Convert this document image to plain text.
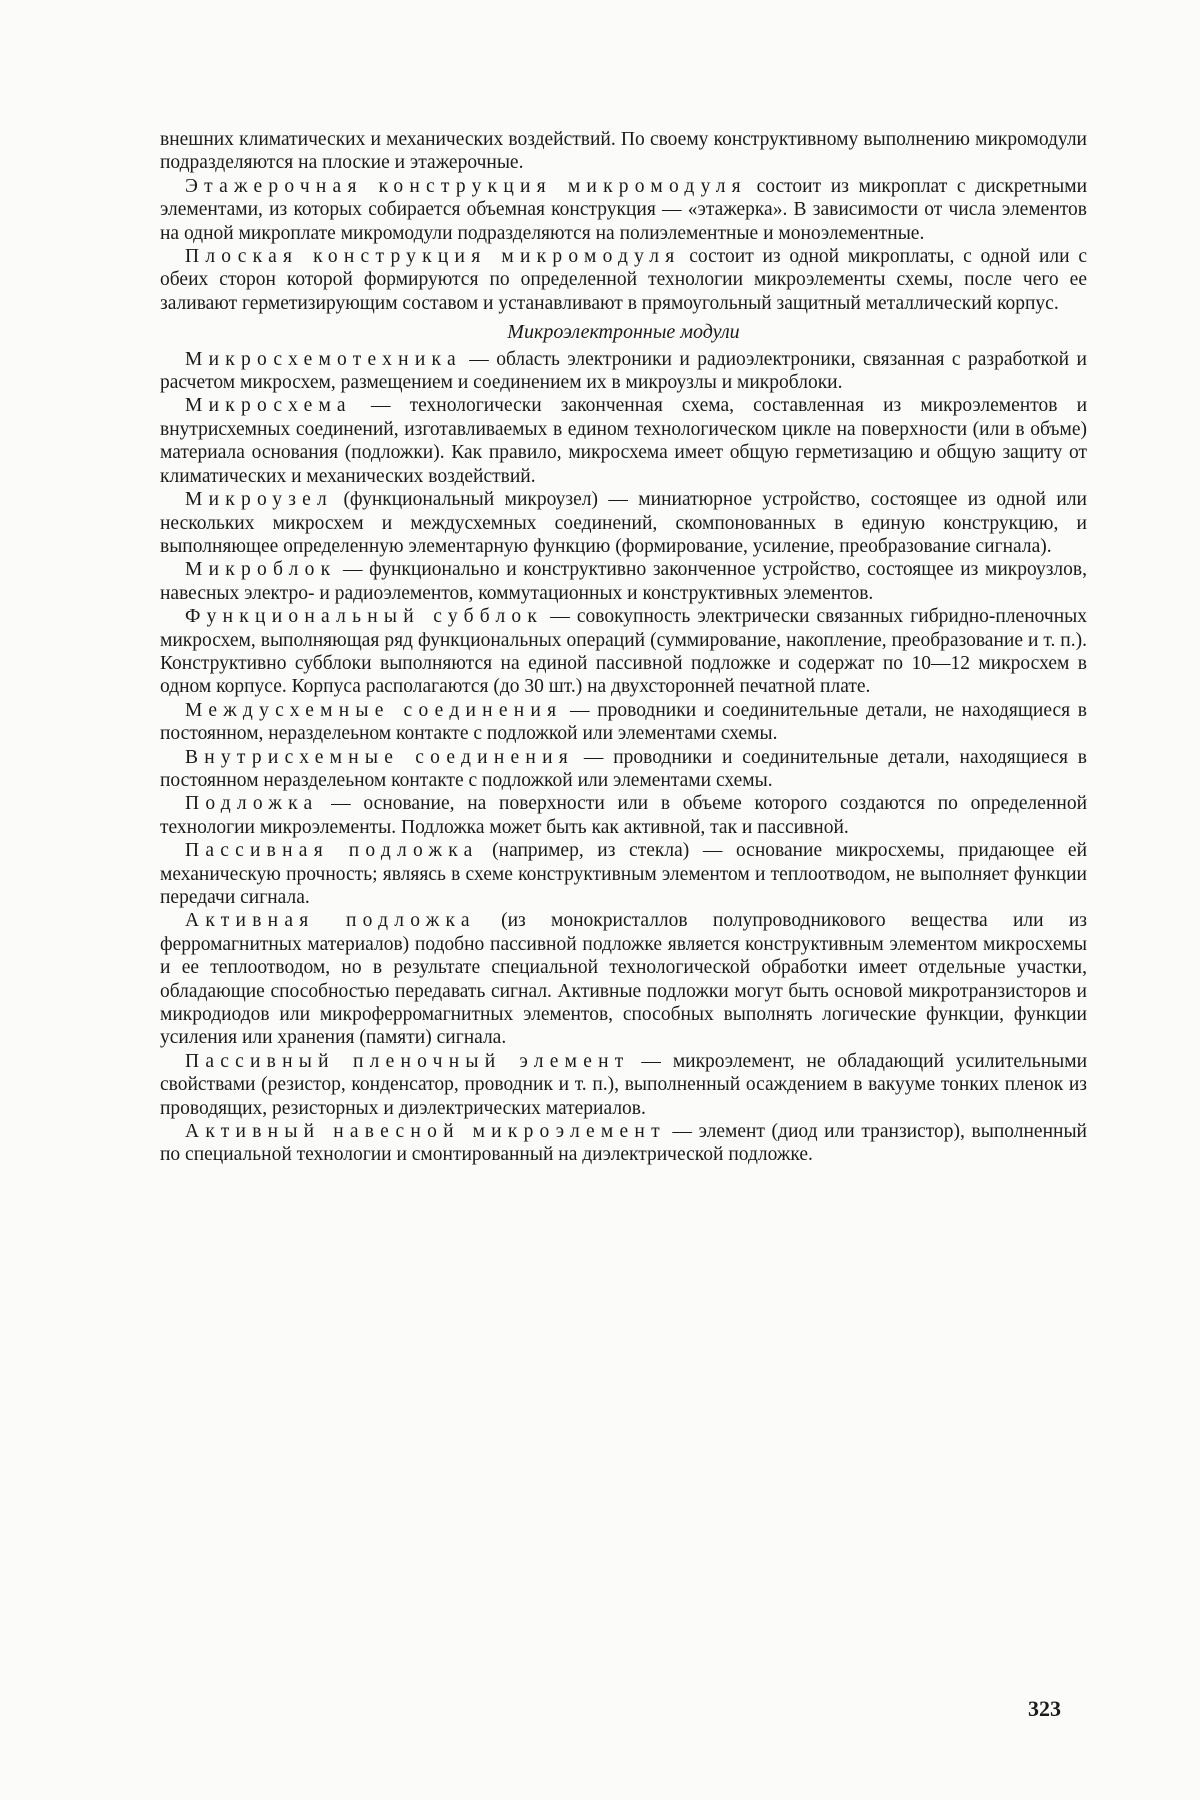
внешних климатических и механических воздействий. По своему конструктивному выполнению микромодули подразделяются на плоские и этажерочные.

Этажерочная конструкция микромодуля состоит из микроплат с дискретными элементами, из которых собирается объемная конструкция — «этажерка». В зависимости от числа элементов на одной микроплате микромодули подразделяются на полиэлементные и моноэлементные.

Плоская конструкция микромодуля состоит из одной микроплаты, с одной или с обеих сторон которой формируются по определенной технологии микроэлементы схемы, после чего ее заливают герметизирующим составом и устанавливают в прямоугольный защитный металлический корпус.

Микроэлектронные модули

Микросхемотехника — область электроники и радиоэлектроники, связанная с разработкой и расчетом микросхем, размещением и соединением их в микроузлы и микроблоки.

Микросхема — технологически законченная схема, составленная из микроэлементов и внутрисхемных соединений, изготавливаемых в едином технологическом цикле на поверхности (или в объме) материала основания (подложки). Как правило, микросхема имеет общую герметизацию и общую защиту от климатических и механических воздействий.

Микроузел (функциональный микроузел) — миниатюрное устройство, состоящее из одной или нескольких микросхем и междусхемных соединений, скомпонованных в единую конструкцию, и выполняющее определенную элементарную функцию (формирование, усиление, преобразование сигнала).

Микроблок — функционально и конструктивно законченное устройство, состоящее из микроузлов, навесных электро- и радиоэлементов, коммутационных и конструктивных элементов.

Функциональный субблок — совокупность электрически связанных гибридно-пленочных микросхем, выполняющая ряд функциональных операций (суммирование, накопление, преобразование и т. п.). Конструктивно субблоки выполняются на единой пассивной подложке и содержат по 10—12 микросхем в одном корпусе. Корпуса располагаются (до 30 шт.) на двухсторонней печатной плате.

Междусхемные соединения — проводники и соединительные детали, не находящиеся в постоянном, неразделеьном контакте с подложкой или элементами схемы.

Внутрисхемные соединения — проводники и соединительные детали, находящиеся в постоянном неразделеьном контакте с подложкой или элементами схемы.

Подложка — основание, на поверхности или в объеме которого создаются по определенной технологии микроэлементы. Подложка может быть как активной, так и пассивной.

Пассивная подложка (например, из стекла) — основание микросхемы, придающее ей механическую прочность; являясь в схеме конструктивным элементом и теплоотводом, не выполняет функции передачи сигнала.

Активная подложка (из монокристаллов полупроводникового вещества или из ферромагнитных материалов) подобно пассивной подложке является конструктивным элементом микросхемы и ее теплоотводом, но в результате специальной технологической обработки имеет отдельные участки, обладающие способностью передавать сигнал. Активные подложки могут быть основой микротранзисторов и микродиодов или микроферромагнитных элементов, способных выполнять логические функции, функции усиления или хранения (памяти) сигнала.

Пассивный пленочный элемент — микроэлемент, не обладающий усилительными свойствами (резистор, конденсатор, проводник и т. п.), выполненный осаждением в вакууме тонких пленок из проводящих, резисторных и диэлектрических материалов.

Активный навесной микроэлемент — элемент (диод или транзистор), выполненный по специальной технологии и смонтированный на диэлектрической подложке.

323
